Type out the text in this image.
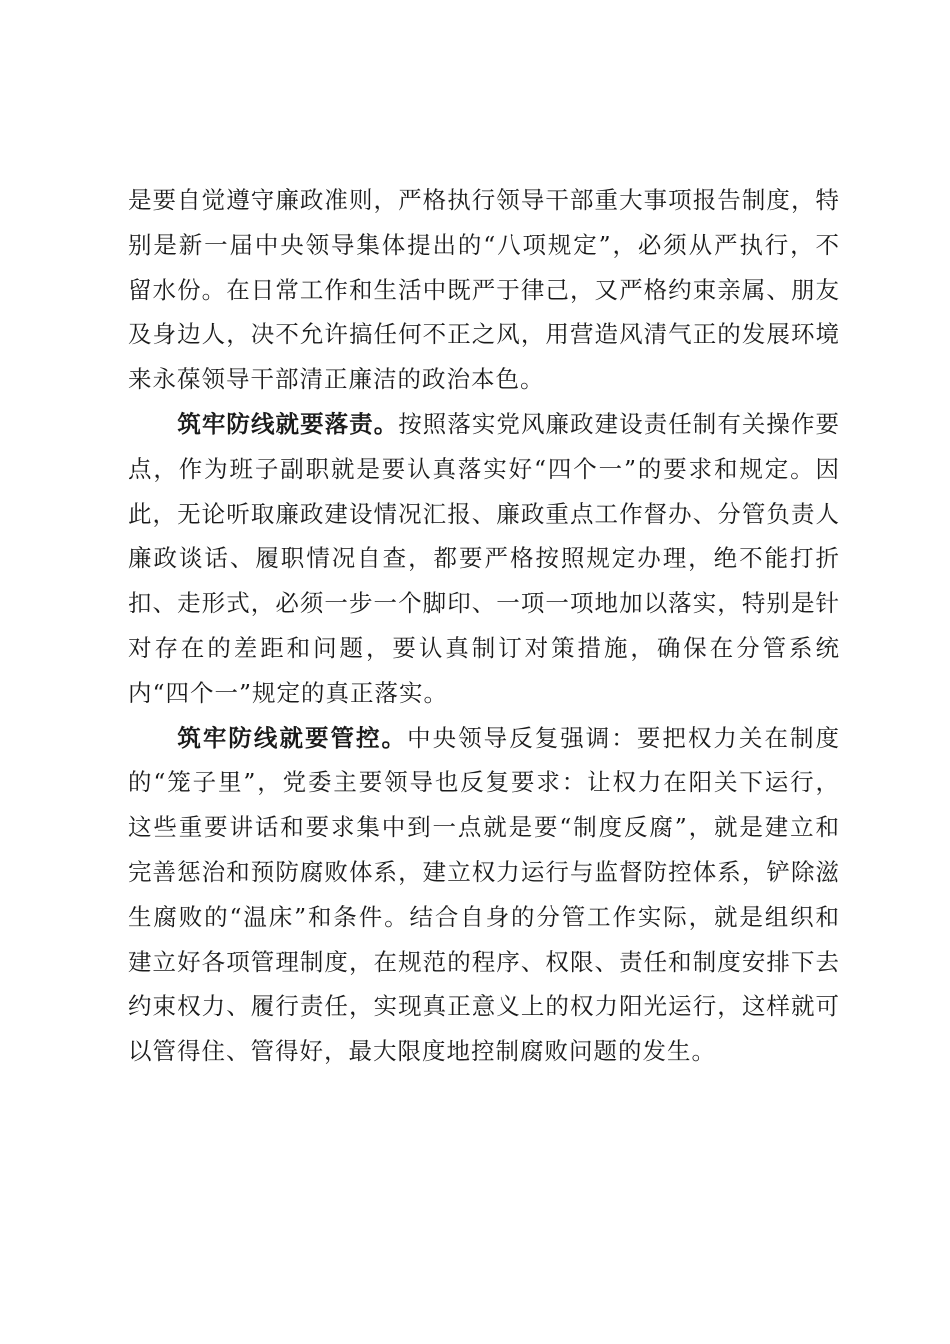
是要自觉遵守廉政准则，严格执行领导干部重大事项报告制度，特别是新一届中央领导集体提出的“八项规定”，必须从严执行，不留水份。在日常工作和生活中既严于律己，又严格约束亲属、朋友及身边人，决不允许搞任何不正之风，用营造风清气正的发展环境来永葆领导干部清正廉洁的政治本色。

筑牢防线就要落责。按照落实党风廉政建设责任制有关操作要点，作为班子副职就是要认真落实好“四个一”的要求和规定。因此，无论听取廉政建设情况汇报、廉政重点工作督办、分管负责人廉政谈话、履职情况自查，都要严格按照规定办理，绝不能打折扣、走形式，必须一步一个脚印、一项一项地加以落实，特别是针对存在的差距和问题，要认真制订对策措施，确保在分管系统内“四个一”规定的真正落实。

筑牢防线就要管控。中央领导反复强调：要把权力关在制度的“笼子里”，党委主要领导也反复要求：让权力在阳关下运行，这些重要讲话和要求集中到一点就是要“制度反腐”，就是建立和完善惩治和预防腐败体系，建立权力运行与监督防控体系，铲除滋生腐败的“温床”和条件。结合自身的分管工作实际，就是组织和建立好各项管理制度，在规范的程序、权限、责任和制度安排下去约束权力、履行责任，实现真正意义上的权力阳光运行，这样就可以管得住、管得好，最大限度地控制腐败问题的发生。
